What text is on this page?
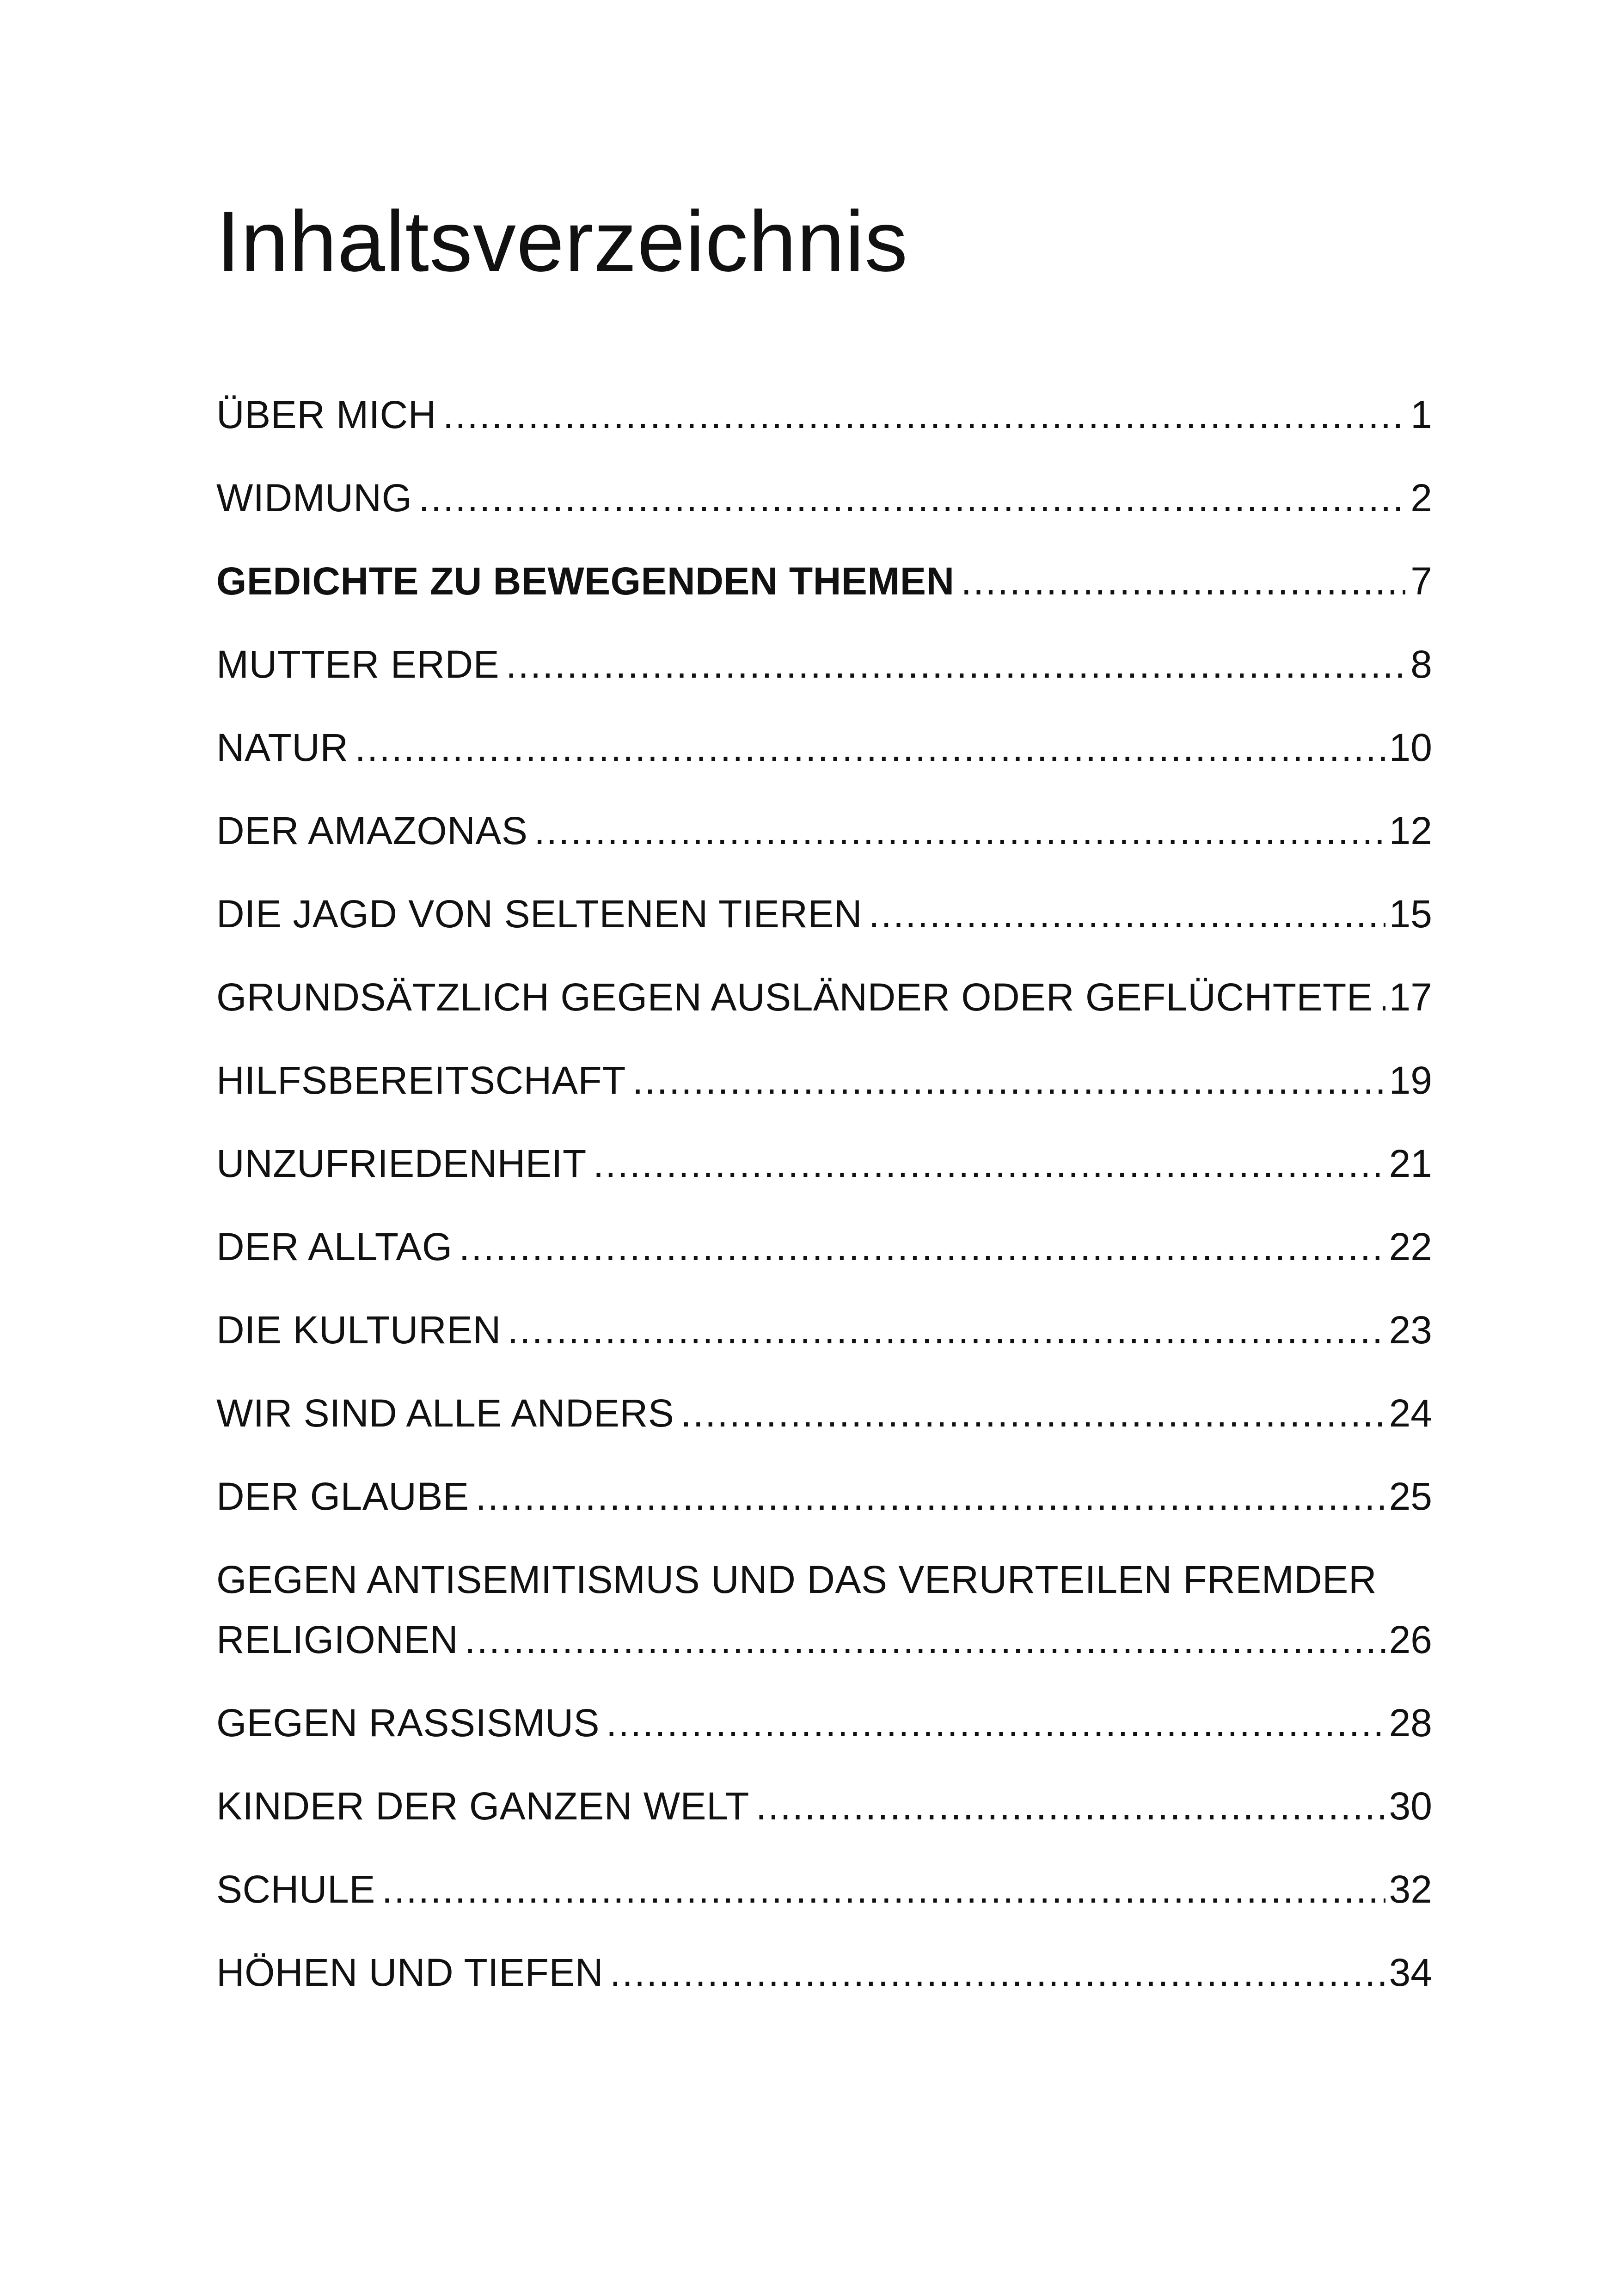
Inhaltsverzeichnis
ÜBER MICH .....	1
WIDMUNG .....	2
GEDICHTE ZU BEWEGENDEN THEMEN .....	7
MUTTER ERDE .....	8
NATUR .....	10
DER AMAZONAS .....	12
DIE JAGD VON SELTENEN TIEREN .....	15
GRUNDSÄTZLICH GEGEN AUSLÄNDER ODER GEFLÜCHTETE ..... 17
HILFSBEREITSCHAFT .....	19
UNZUFRIEDENHEIT .....	21
DER ALLTAG .....	22
DIE KULTUREN .....	23
WIR SIND ALLE ANDERS .....	24
DER GLAUBE .....	25
GEGEN ANTISEMITISMUS UND DAS VERURTEILEN FREMDER
RELIGIONEN .....	26
GEGEN RASSISMUS .....	28
KINDER DER GANZEN WELT .....	30
SCHULE .....	32
HÖHEN UND TIEFEN .....	34
